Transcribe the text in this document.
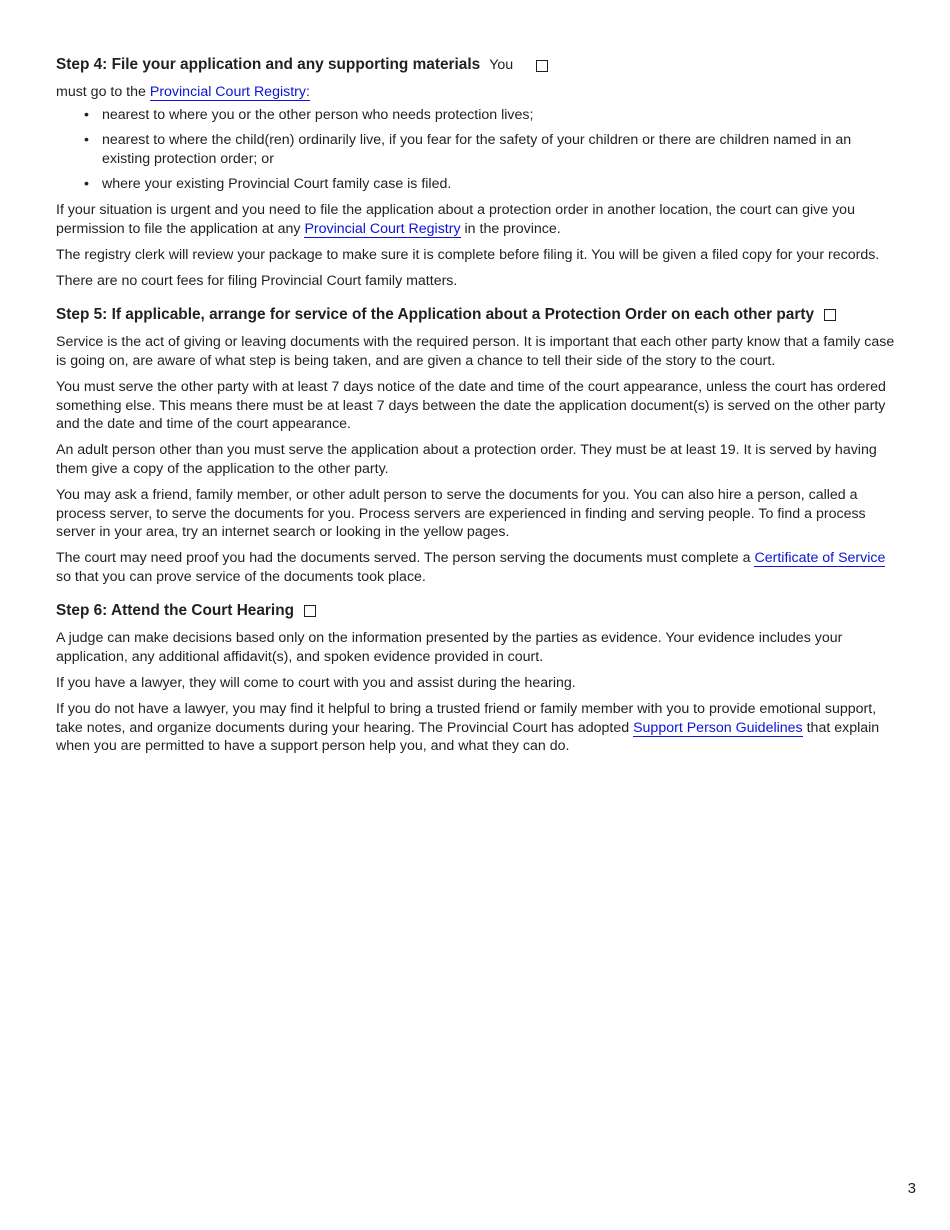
Step 4: File your application and any supporting materials You

must go to the Provincial Court Registry:

• nearest to where you or the other person who needs protection lives;
• nearest to where the child(ren) ordinarily live, if you fear for the safety of your children or there are children named in an existing protection order; or
• where your existing Provincial Court family case is filed.

If your situation is urgent and you need to file the application about a protection order in another location, the court can give you permission to file the application at any Provincial Court Registry in the province.

The registry clerk will review your package to make sure it is complete before filing it. You will be given a filed copy for your records.

There are no court fees for filing Provincial Court family matters.

Step 5: If applicable, arrange for service of the Application about a Protection Order on each other party

Service is the act of giving or leaving documents with the required person. It is important that each other party know that a family case is going on, are aware of what step is being taken, and are given a chance to tell their side of the story to the court.

You must serve the other party with at least 7 days notice of the date and time of the court appearance, unless the court has ordered something else. This means there must be at least 7 days between the date the application document(s) is served on the other party and the date and time of the court appearance.

An adult person other than you must serve the application about a protection order. They must be at least 19. It is served by having them give a copy of the application to the other party.

You may ask a friend, family member, or other adult person to serve the documents for you. You can also hire a person, called a process server, to serve the documents for you. Process servers are experienced in finding and serving people. To find a process server in your area, try an internet search or looking in the yellow pages.

The court may need proof you had the documents served. The person serving the documents must complete a Certificate of Service so that you can prove service of the documents took place.

Step 6: Attend the Court Hearing

A judge can make decisions based only on the information presented by the parties as evidence. Your evidence includes your application, any additional affidavit(s), and spoken evidence provided in court.

If you have a lawyer, they will come to court with you and assist during the hearing.

If you do not have a lawyer, you may find it helpful to bring a trusted friend or family member with you to provide emotional support, take notes, and organize documents during your hearing. The Provincial Court has adopted Support Person Guidelines that explain when you are permitted to have a support person help you, and what they can do.

3
